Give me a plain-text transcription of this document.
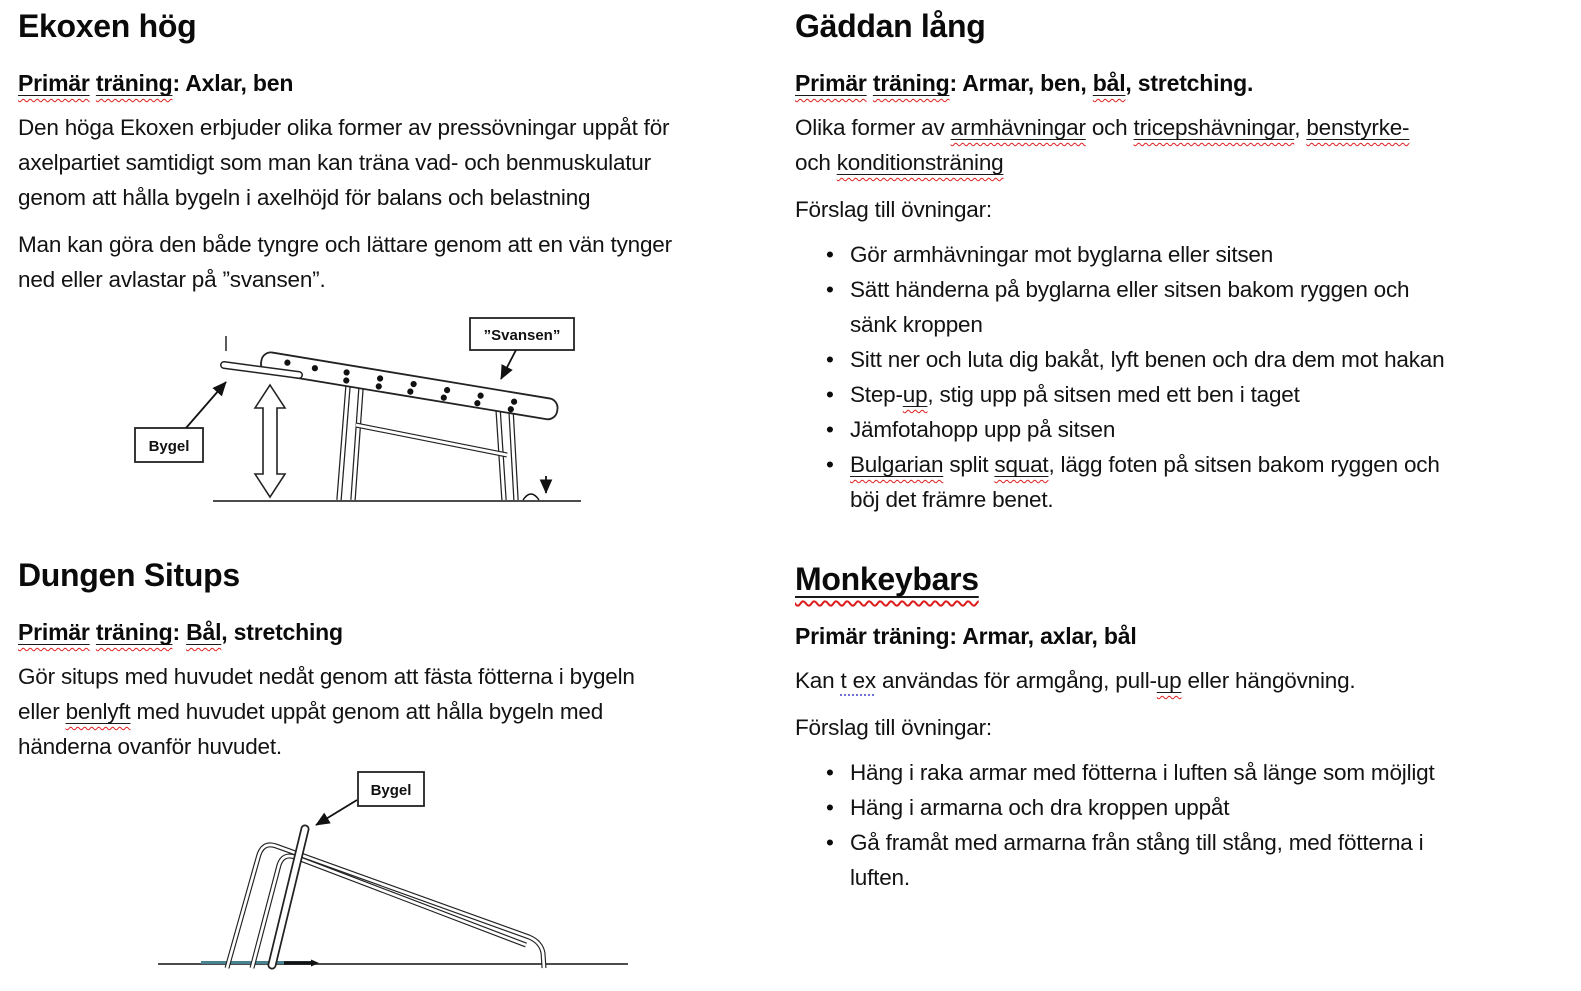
Ekoxen hög
Primär träning: Axlar, ben

Den höga Ekoxen erbjuder olika former av pressövningar uppåt för
axelpartiet samtidigt som man kan träna vad- och benmuskulatur
genom att hålla bygeln i axelhöjd för balans och belastning

Man kan göra den både tyngre och lättare genom att en vän tynger
ned eller avlastar på ”svansen”.

”Svansen”
Bygel
Dungen Situps
Primär träning: Bål, stretching

Gör situps med huvudet nedåt genom att fästa fötterna i bygeln
eller benlyft med huvudet uppåt genom att hålla bygeln med
händerna ovanför huvudet.

Bygel
Gäddan lång
Primär träning: Armar, ben, bål, stretching.

Olika former av armhävningar och tricepshävningar, benstyrke-
och konditionsträning

Förslag till övningar:

• Gör armhävningar mot byglarna eller sitsen
• Sätt händerna på byglarna eller sitsen bakom ryggen och
sänk kroppen
• Sitt ner och luta dig bakåt, lyft benen och dra dem mot hakan
• Step-up, stig upp på sitsen med ett ben i taget
• Jämfotahopp upp på sitsen
• Bulgarian split squat, lägg foten på sitsen bakom ryggen och
böj det främre benet.
Monkeybars
Primär träning: Armar, axlar, bål

Kan t ex användas för armgång, pull-up eller hängövning.

Förslag till övningar:

• Häng i raka armar med fötterna i luften så länge som möjligt
• Häng i armarna och dra kroppen uppåt
• Gå framåt med armarna från stång till stång, med fötterna i
luften.
